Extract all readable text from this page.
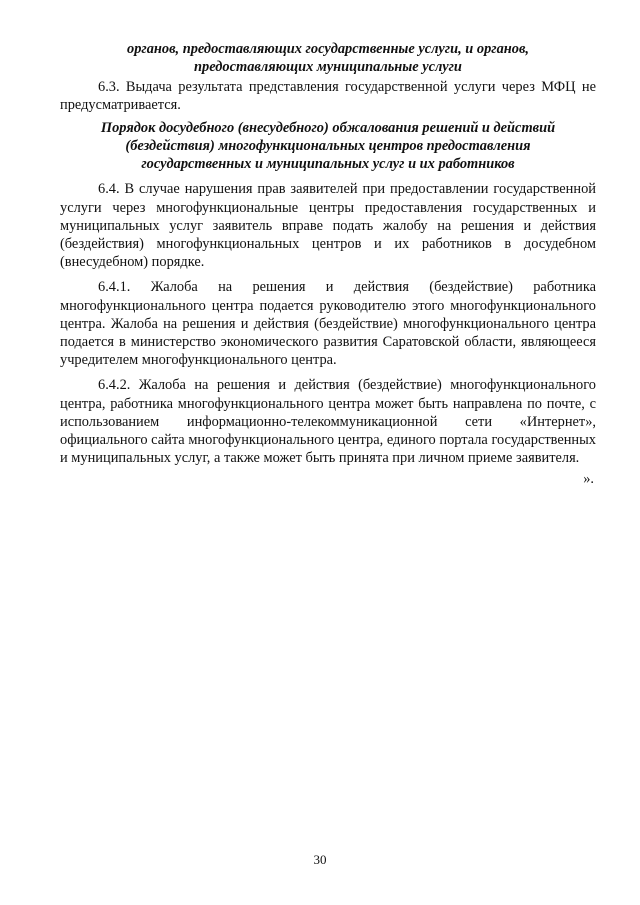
органов, предоставляющих государственные услуги, и органов,
предоставляющих муниципальные услуги

6.3. Выдача результата представления государственной услуги через МФЦ не предусматривается.

Порядок досудебного (внесудебного) обжалования решений и действий
(бездействия) многофункциональных центров предоставления
государственных и муниципальных услуг и их работников

6.4. В случае нарушения прав заявителей при предоставлении государственной услуги через многофункциональные центры предоставления государственных и муниципальных услуг заявитель вправе подать жалобу на решения и действия (бездействия) многофункциональных центров и их работников в досудебном (внесудебном) порядке.

6.4.1. Жалоба на решения и действия (бездействие) работника многофункционального центра подается руководителю этого многофункционального центра. Жалоба на решения и действия (бездействие) многофункционального центра подается в министерство экономического развития Саратовской области, являющееся учредителем многофункционального центра.

6.4.2. Жалоба на решения и действия (бездействие) многофункционального центра, работника многофункционального центра может быть направлена по почте, с использованием информационно-телекоммуникационной сети «Интернет», официального сайта многофункционального центра, единого портала государственных и муниципальных услуг, а также может быть принята при личном приеме заявителя.

».
30
